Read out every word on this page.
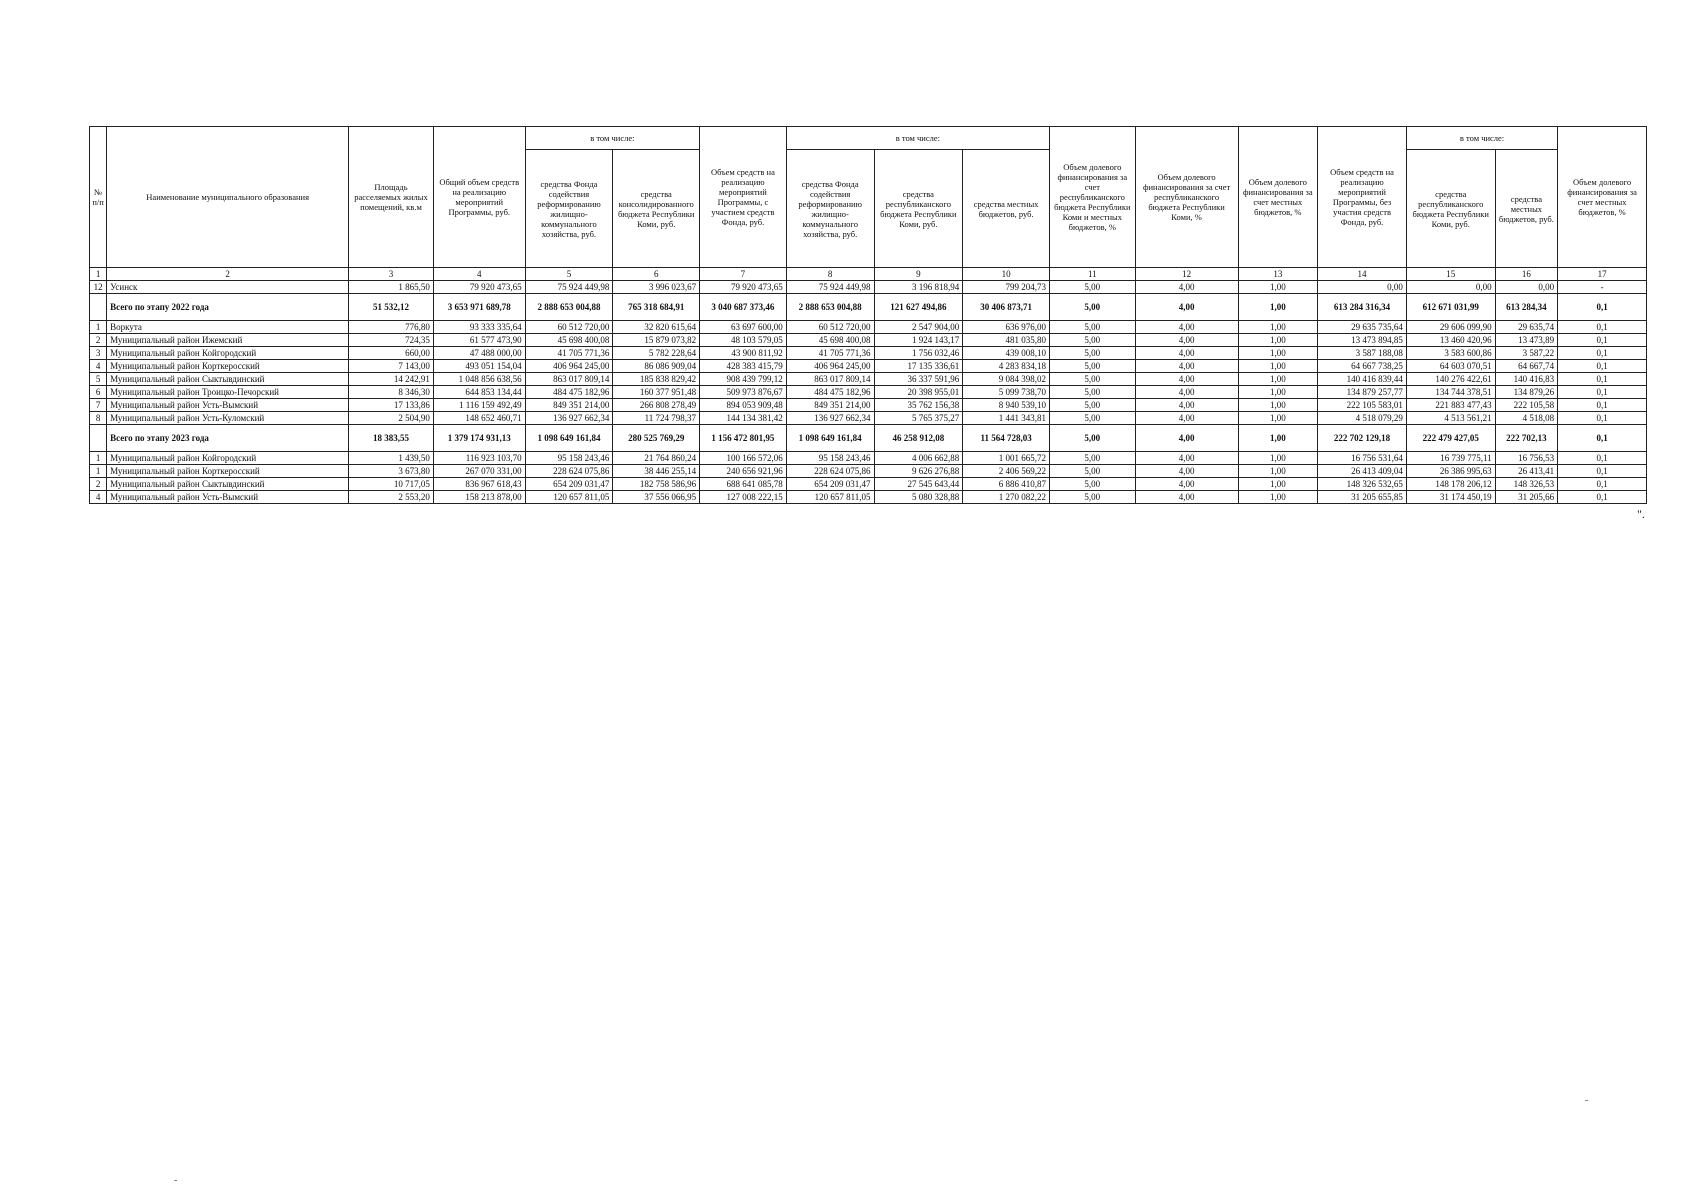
№ п/п	Наименование муниципального образования	Площадь расселяемых жилых помещений, кв.м	Общий объем средств на реализацию мероприятий Программы, руб.	в том числе:		Объем средств на реализацию мероприятий Программы, с участием средств Фонда, руб.	в том числе:			Объем долевого финансирования за счет республиканского бюджета Республики Коми и местных бюджетов, %	Объем долевого финансирования за счет республиканского бюджета Республики Коми, %	Объем долевого финансирования за счет местных бюджетов, %	Объем средств на реализацию мероприятий Программы, без участия средств Фонда, руб.	в том числе:		Объем долевого финансирования за счет местных бюджетов, %
				средства Фонда содействия реформированию жилищно-коммунального хозяйства, руб.	средства консолидированного бюджета Республики Коми, руб.		средства Фонда содействия реформированию жилищно-коммунального хозяйства, руб.	средства республиканского бюджета Республики Коми, руб.	средства местных бюджетов, руб.					средства республиканского бюджета Республики Коми, руб.	средства местных бюджетов, руб.	
1	2	3	4	5	6	7	8	9	10	11	12	13	14	15	16	17
12	Усинск	1 865,50	79 920 473,65	75 924 449,98	3 996 023,67	79 920 473,65	75 924 449,98	3 196 818,94	799 204,73	5,00	4,00	1,00	0,00	0,00	0,00	-
	Всего по этапу 2022 года	51 532,12	3 653 971 689,78	2 888 653 004,88	765 318 684,91	3 040 687 373,46	2 888 653 004,88	121 627 494,86	30 406 873,71	5,00	4,00	1,00	613 284 316,34	612 671 031,99	613 284,34	0,1
1	Воркута	776,80	93 333 335,64	60 512 720,00	32 820 615,64	63 697 600,00	60 512 720,00	2 547 904,00	636 976,00	5,00	4,00	1,00	29 635 735,64	29 606 099,90	29 635,74	0,1
2	Муниципальный район Ижемский	724,35	61 577 473,90	45 698 400,08	15 879 073,82	48 103 579,05	45 698 400,08	1 924 143,17	481 035,80	5,00	4,00	1,00	13 473 894,85	13 460 420,96	13 473,89	0,1
3	Муниципальный район Койгородский	660,00	47 488 000,00	41 705 771,36	5 782 228,64	43 900 811,92	41 705 771,36	1 756 032,46	439 008,10	5,00	4,00	1,00	3 587 188,08	3 583 600,86	3 587,22	0,1
4	Муниципальный район Корткеросский	7 143,00	493 051 154,04	406 964 245,00	86 086 909,04	428 383 415,79	406 964 245,00	17 135 336,61	4 283 834,18	5,00	4,00	1,00	64 667 738,25	64 603 070,51	64 667,74	0,1
5	Муниципальный район Сыктывдинский	14 242,91	1 048 856 638,56	863 017 809,14	185 838 829,42	908 439 799,12	863 017 809,14	36 337 591,96	9 084 398,02	5,00	4,00	1,00	140 416 839,44	140 276 422,61	140 416,83	0,1
6	Муниципальный район Троицко-Печорский	8 346,30	644 853 134,44	484 475 182,96	160 377 951,48	509 973 876,67	484 475 182,96	20 398 955,01	5 099 738,70	5,00	4,00	1,00	134 879 257,77	134 744 378,51	134 879,26	0,1
7	Муниципальный район Усть-Вымский	17 133,86	1 116 159 492,49	849 351 214,00	266 808 278,49	894 053 909,48	849 351 214,00	35 762 156,38	8 940 539,10	5,00	4,00	1,00	222 105 583,01	221 883 477,43	222 105,58	0,1
8	Муниципальный район Усть-Куломский	2 504,90	148 652 460,71	136 927 662,34	11 724 798,37	144 134 381,42	136 927 662,34	5 765 375,27	1 441 343,81	5,00	4,00	1,00	4 518 079,29	4 513 561,21	4 518,08	0,1
	Всего по этапу 2023 года	18 383,55	1 379 174 931,13	1 098 649 161,84	280 525 769,29	1 156 472 801,95	1 098 649 161,84	46 258 912,08	11 564 728,03	5,00	4,00	1,00	222 702 129,18	222 479 427,05	222 702,13	0,1
1	Муниципальный район Койгородский	1 439,50	116 923 103,70	95 158 243,46	21 764 860,24	100 166 572,06	95 158 243,46	4 006 662,88	1 001 665,72	5,00	4,00	1,00	16 756 531,64	16 739 775,11	16 756,53	0,1
1	Муниципальный район Корткеросский	3 673,80	267 070 331,00	228 624 075,86	38 446 255,14	240 656 921,96	228 624 075,86	9 626 276,88	2 406 569,22	5,00	4,00	1,00	26 413 409,04	26 386 995,63	26 413,41	0,1
2	Муниципальный район Сыктывдинский	10 717,05	836 967 618,43	654 209 031,47	182 758 586,96	688 641 085,78	654 209 031,47	27 545 643,44	6 886 410,87	5,00	4,00	1,00	148 326 532,65	148 178 206,12	148 326,53	0,1
4	Муниципальный район Усть-Вымский	2 553,20	158 213 878,00	120 657 811,05	37 556 066,95	127 008 222,15	120 657 811,05	5 080 328,88	1 270 082,22	5,00	4,00	1,00	31 205 655,85	31 174 450,19	31 205,66	0,1
".
